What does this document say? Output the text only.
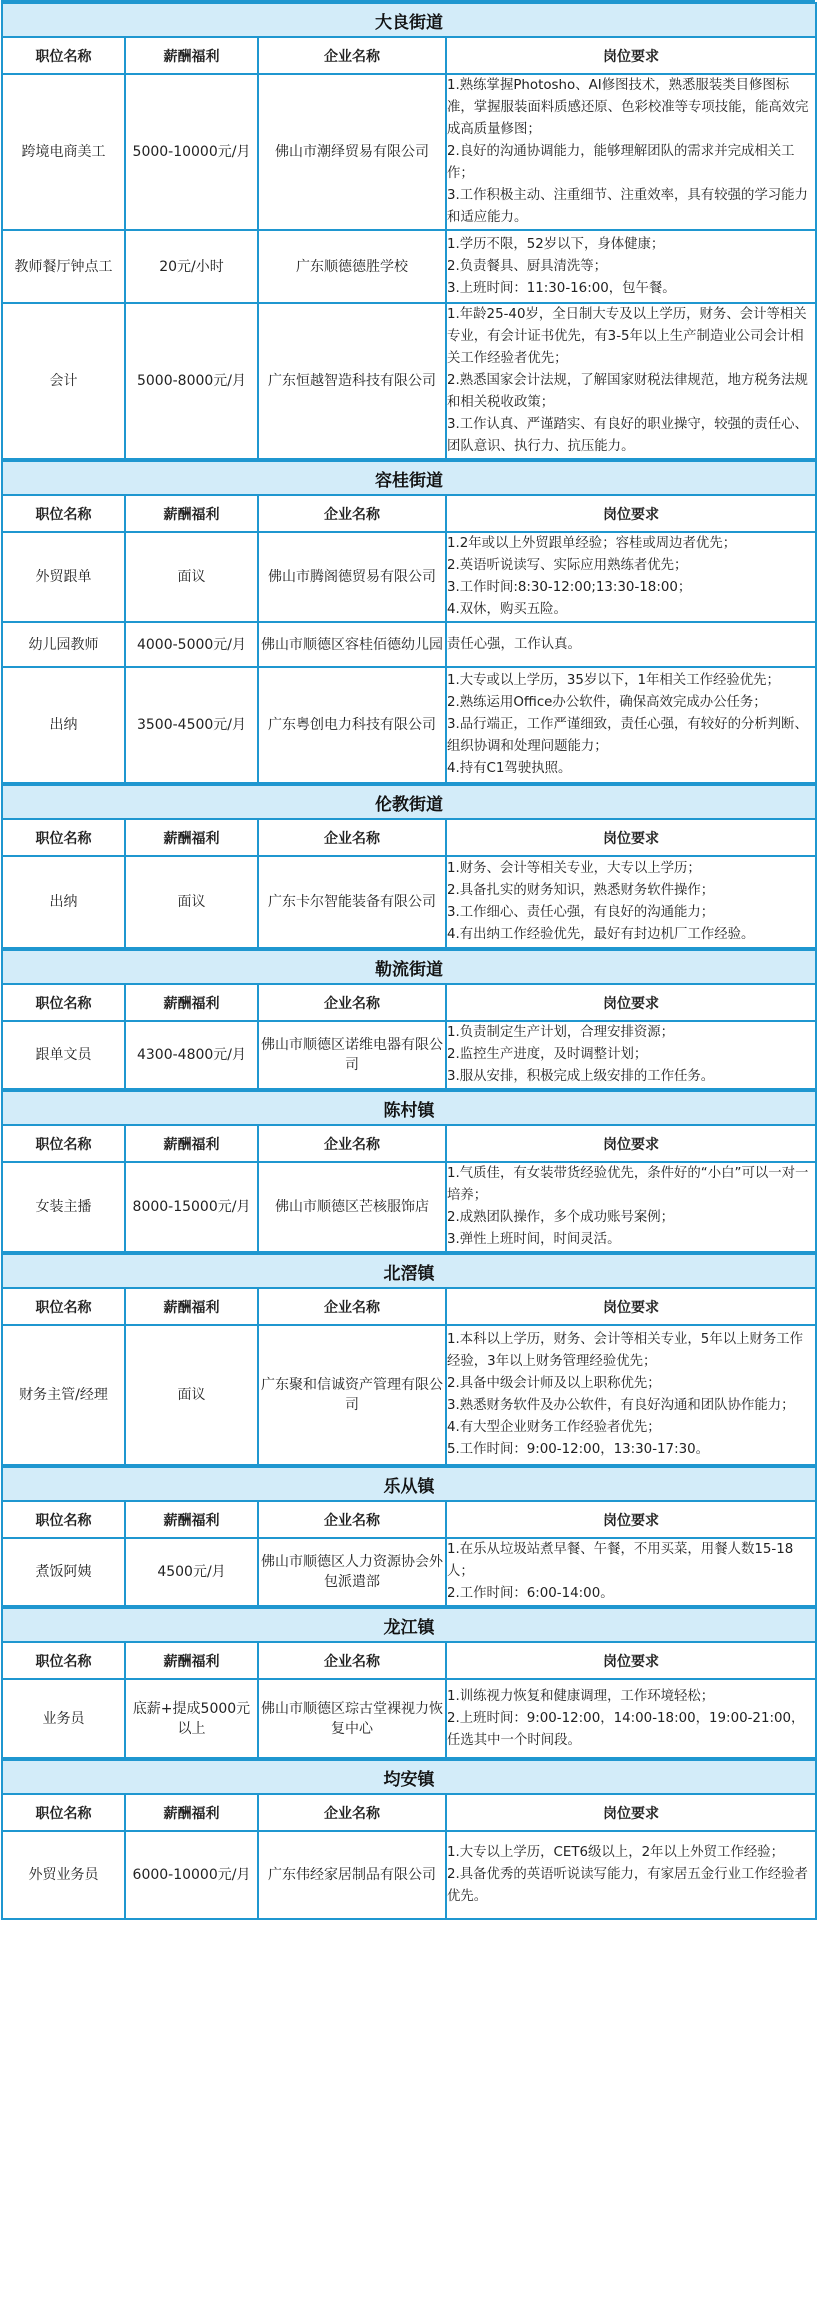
大良街道			
职位名称	薪酬福利	企业名称	岗位要求
跨境电商美工	5000-10000元/月	佛山市潮绎贸易有限公司	1.熟练掌握Photosho、AI修图技术，熟悉服装类目修图标准，掌握服装面料质感还原、色彩校准等专项技能，能高效完成高质量修图；
2.良好的沟通协调能力，能够理解团队的需求并完成相关工作；
3.工作积极主动、注重细节、注重效率，具有较强的学习能力和适应能力。

教师餐厅钟点工	20元/小时	广东顺德德胜学校	1.学历不限，52岁以下，身体健康；
2.负责餐具、厨具清洗等；
3.上班时间：11:30-16:00，包午餐。

会计	5000-8000元/月	广东恒越智造科技有限公司	1.年龄25-40岁，全日制大专及以上学历，财务、会计等相关专业，有会计证书优先，有3-5年以上生产制造业公司会计相关工作经验者优先；
2.熟悉国家会计法规，了解国家财税法律规范，地方税务法规和相关税收政策；
3.工作认真、严谨踏实、有良好的职业操守，较强的责任心、团队意识、执行力、抗压能力。
容桂街道			
职位名称	薪酬福利	企业名称	岗位要求
外贸跟单	面议	佛山市腾阁德贸易有限公司	1.2年或以上外贸跟单经验；容桂或周边者优先；
2.英语听说读写、实际应用熟练者优先；
3.工作时间:8:30-12:00;13:30-18:00；
4.双休，购买五险。

幼儿园教师	4000-5000元/月	佛山市顺德区容桂佰德幼儿园	责任心强，工作认真。

出纳	3500-4500元/月	广东粤创电力科技有限公司	1.大专或以上学历，35岁以下，1年相关工作经验优先；
2.熟练运用Office办公软件，确保高效完成办公任务；
3.品行端正，工作严谨细致，责任心强，有较好的分析判断、组织协调和处理问题能力；
4.持有C1驾驶执照。
伦教街道			
职位名称	薪酬福利	企业名称	岗位要求
出纳	面议	广东卡尔智能装备有限公司	1.财务、会计等相关专业，大专以上学历；
2.具备扎实的财务知识，熟悉财务软件操作；
3.工作细心、责任心强，有良好的沟通能力；
4.有出纳工作经验优先，最好有封边机厂工作经验。
勒流街道			
职位名称	薪酬福利	企业名称	岗位要求
跟单文员	4300-4800元/月	佛山市顺德区诺维电器有限公司	1.负责制定生产计划，合理安排资源；
2.监控生产进度，及时调整计划；
3.服从安排，积极完成上级安排的工作任务。
陈村镇			
职位名称	薪酬福利	企业名称	岗位要求
女装主播	8000-15000元/月	佛山市顺德区芒核服饰店	1.气质佳，有女装带货经验优先，条件好的“小白”可以一对一培养；
2.成熟团队操作，多个成功账号案例；
3.弹性上班时间，时间灵活。
北滘镇			
职位名称	薪酬福利	企业名称	岗位要求
财务主管/经理	面议	广东聚和信诚资产管理有限公司	1.本科以上学历，财务、会计等相关专业，5年以上财务工作经验，3年以上财务管理经验优先；
2.具备中级会计师及以上职称优先；
3.熟悉财务软件及办公软件，有良好沟通和团队协作能力；
4.有大型企业财务工作经验者优先；
5.工作时间：9:00-12:00，13:30-17:30。
乐从镇			
职位名称	薪酬福利	企业名称	岗位要求
煮饭阿姨	4500元/月	佛山市顺德区人力资源协会外包派遣部	1.在乐从垃圾站煮早餐、午餐，不用买菜，用餐人数15-18人；
2.工作时间：6:00-14:00。
龙江镇			
职位名称	薪酬福利	企业名称	岗位要求
业务员	底薪+提成5000元以上	佛山市顺德区琮古堂裸视力恢复中心	1.训练视力恢复和健康调理，工作环境轻松；
2.上班时间：9:00-12:00，14:00-18:00，19:00-21:00，任选其中一个时间段。
均安镇			
职位名称	薪酬福利	企业名称	岗位要求
外贸业务员	6000-10000元/月	广东伟经家居制品有限公司	1.大专以上学历，CET6级以上，2年以上外贸工作经验；
2.具备优秀的英语听说读写能力，有家居五金行业工作经验者优先。
